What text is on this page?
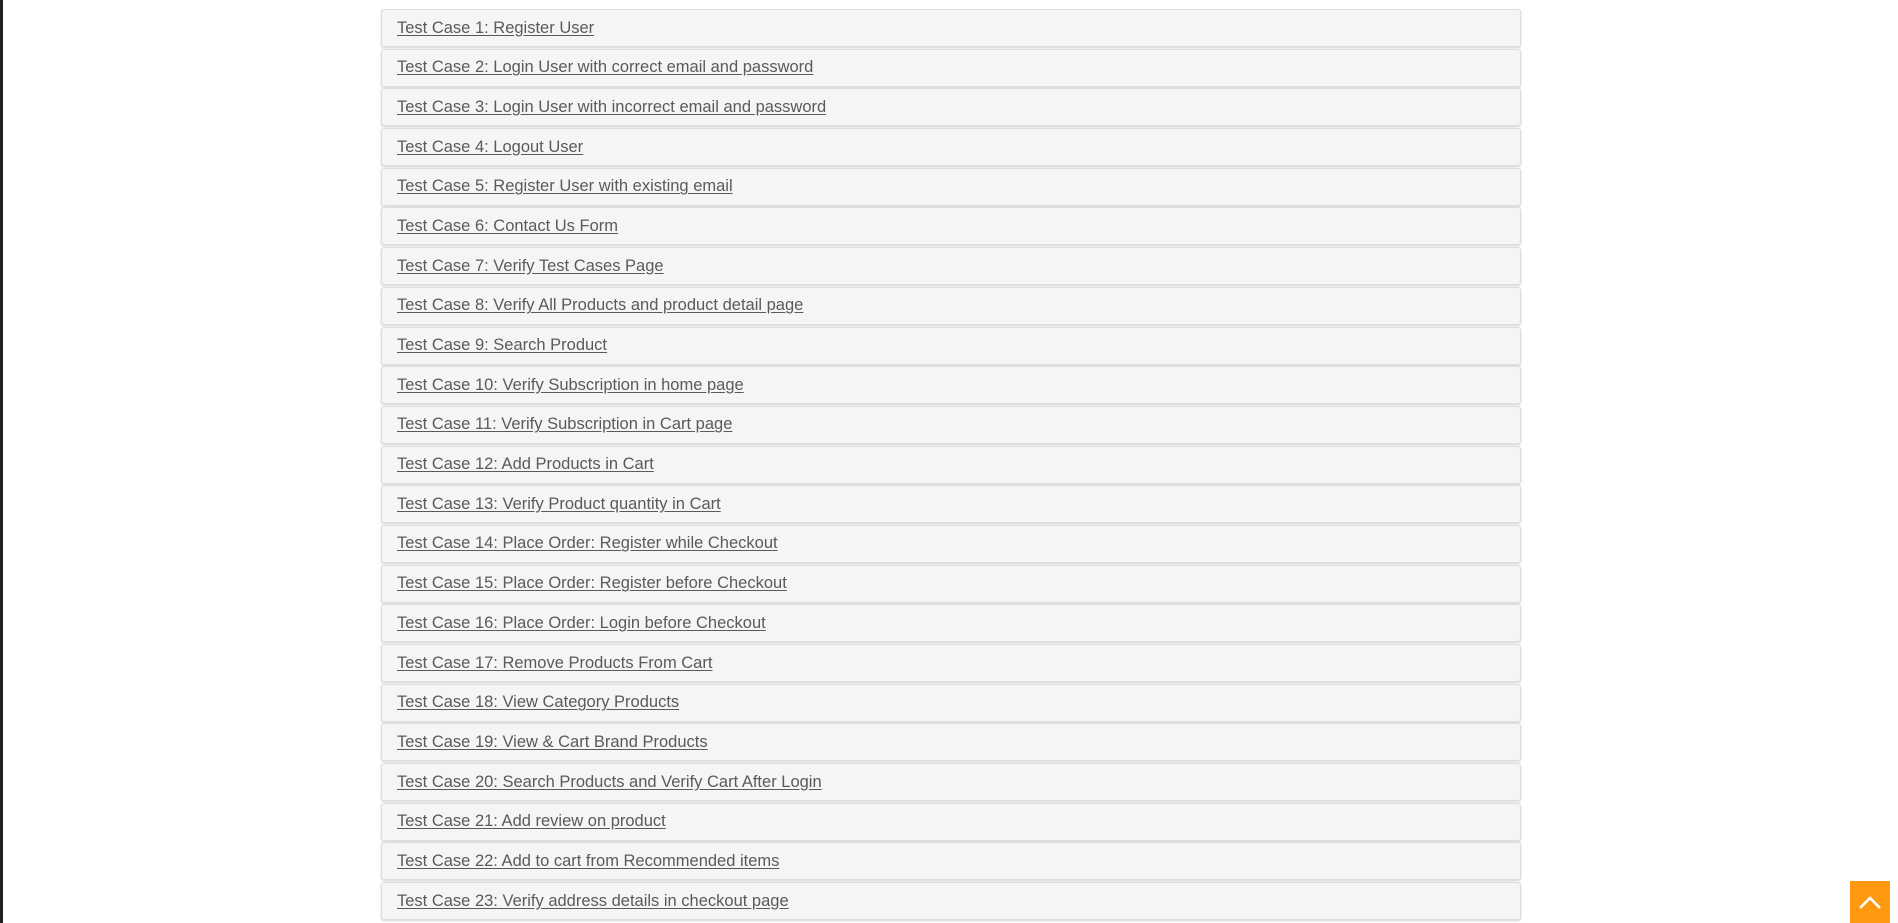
Test Case 1: Register User
Test Case 2: Login User with correct email and password
Test Case 3: Login User with incorrect email and password
Test Case 4: Logout User
Test Case 5: Register User with existing email
Test Case 6: Contact Us Form
Test Case 7: Verify Test Cases Page
Test Case 8: Verify All Products and product detail page
Test Case 9: Search Product
Test Case 10: Verify Subscription in home page
Test Case 11: Verify Subscription in Cart page
Test Case 12: Add Products in Cart
Test Case 13: Verify Product quantity in Cart
Test Case 14: Place Order: Register while Checkout
Test Case 15: Place Order: Register before Checkout
Test Case 16: Place Order: Login before Checkout
Test Case 17: Remove Products From Cart
Test Case 18: View Category Products
Test Case 19: View & Cart Brand Products
Test Case 20: Search Products and Verify Cart After Login
Test Case 21: Add review on product
Test Case 22: Add to cart from Recommended items
Test Case 23: Verify address details in checkout page
